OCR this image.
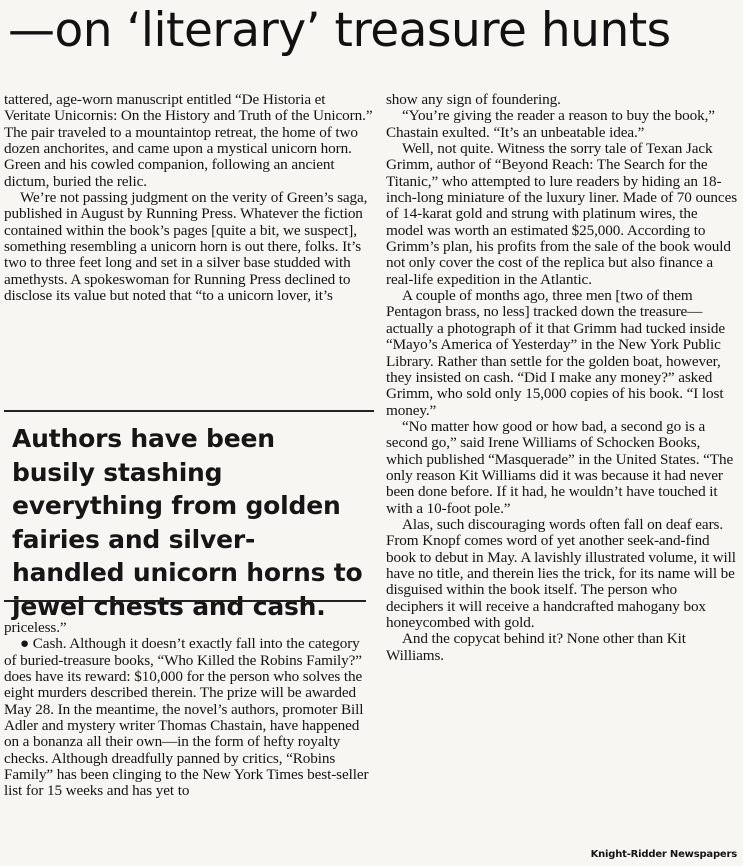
—on ‘literary’ treasure hunts

tattered, age-worn manuscript entitled “De Historia et Veritate Unicornis: On the History and Truth of the Unicorn.” The pair traveled to a mountaintop retreat, the home of two dozen anchorites, and came upon a mystical unicorn horn. Green and his cowled companion, following an ancient dictum, buried the relic.

We’re not passing judgment on the verity of Green’s saga, published in August by Running Press. Whatever the fiction contained within the book’s pages [quite a bit, we suspect], something resembling a unicorn horn is out there, folks. It’s two to three feet long and set in a silver base studded with amethysts. A spokeswoman for Running Press declined to disclose its value but noted that “to a unicorn lover, it’s

Authors have been busily stashing everything from golden fairies and silver-handled unicorn horns to jewel chests and cash.

priceless.”

● Cash. Although it doesn’t exactly fall into the category of buried-treasure books, “Who Killed the Robins Family?” does have its reward: $10,000 for the person who solves the eight murders described therein. The prize will be awarded May 28. In the meantime, the novel’s authors, promoter Bill Adler and mystery writer Thomas Chastain, have happened on a bonanza all their own—in the form of hefty royalty checks. Although dreadfully panned by critics, “Robins Family” has been clinging to the New York Times best-seller list for 15 weeks and has yet to

show any sign of foundering.

“You’re giving the reader a reason to buy the book,” Chastain exulted. “It’s an unbeatable idea.”

Well, not quite. Witness the sorry tale of Texan Jack Grimm, author of “Beyond Reach: The Search for the Titanic,” who attempted to lure readers by hiding an 18-inch-long miniature of the luxury liner. Made of 70 ounces of 14-karat gold and strung with platinum wires, the model was worth an estimated $25,000. According to Grimm’s plan, his profits from the sale of the book would not only cover the cost of the replica but also finance a real-life expedition in the Atlantic.

A couple of months ago, three men [two of them Pentagon brass, no less] tracked down the treasure—actually a photograph of it that Grimm had tucked inside “Mayo’s America of Yesterday” in the New York Public Library. Rather than settle for the golden boat, however, they insisted on cash. “Did I make any money?” asked Grimm, who sold only 15,000 copies of his book. “I lost money.”

“No matter how good or how bad, a second go is a second go,” said Irene Williams of Schocken Books, which published “Masquerade” in the United States. “The only reason Kit Williams did it was because it had never been done before. If it had, he wouldn’t have touched it with a 10-foot pole.”

Alas, such discouraging words often fall on deaf ears. From Knopf comes word of yet another seek-and-find book to debut in May. A lavishly illustrated volume, it will have no title, and therein lies the trick, for its name will be disguised within the book itself. The person who deciphers it will receive a handcrafted mahogany box honeycombed with gold.

And the copycat behind it? None other than Kit Williams.

Knight-Ridder Newspapers
